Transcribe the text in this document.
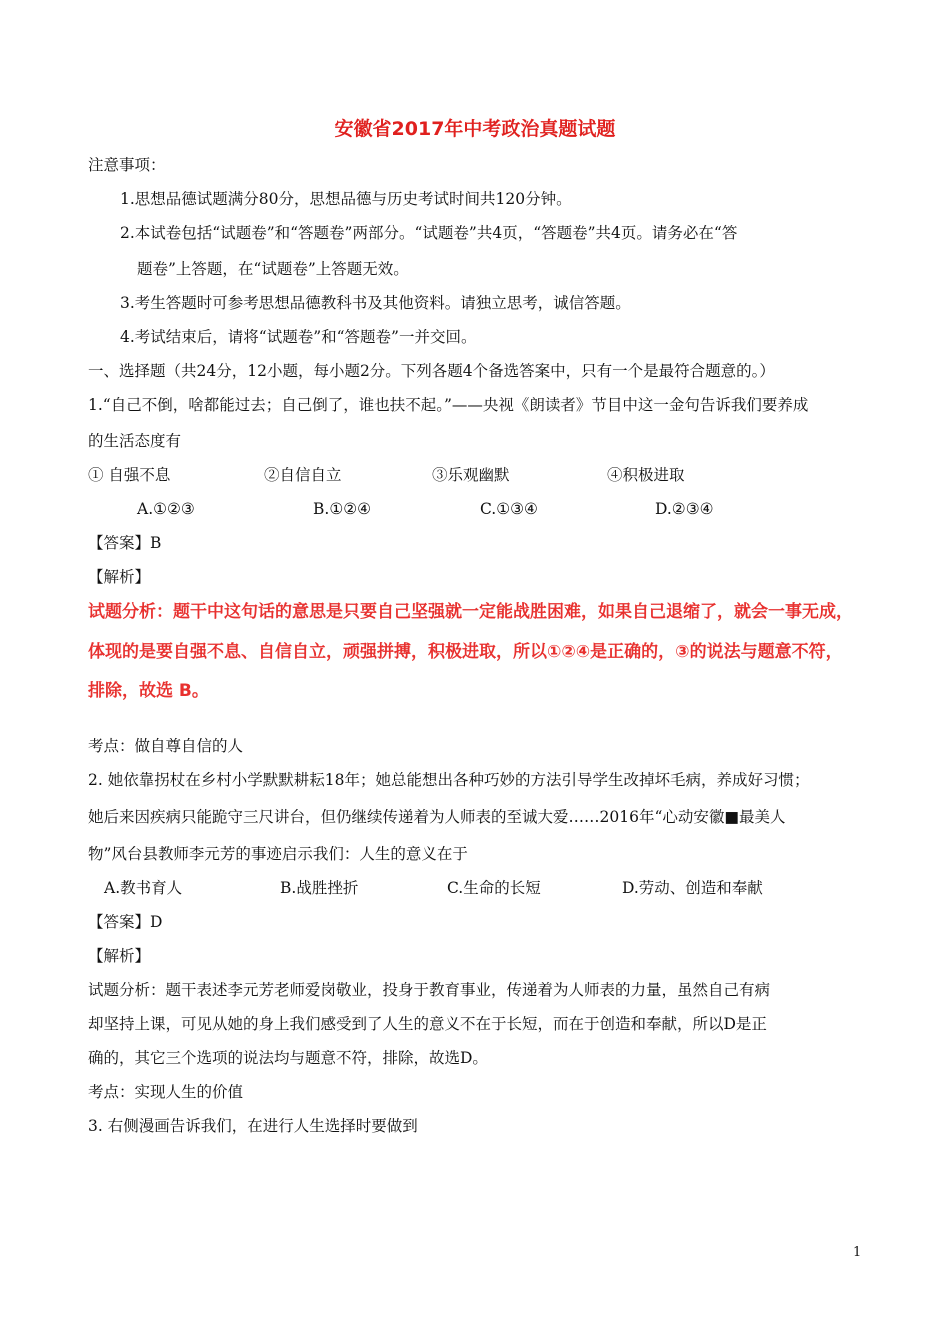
安徽省2017年中考政治真题试题
注意事项：
1.思想品德试题满分80分，思想品德与历史考试时间共120分钟。
2.本试卷包括“试题卷”和“答题卷”两部分。“试题卷”共4页，“答题卷”共4页。请务必在“答
题卷”上答题，在“试题卷”上答题无效。
3.考生答题时可参考思想品德教科书及其他资料。请独立思考，诚信答题。
4.考试结束后，请将“试题卷”和“答题卷”一并交回。
一、选择题（共24分，12小题，每小题2分。下列各题4个备选答案中，只有一个是最符合题意的。）
1.“自己不倒，啥都能过去；自己倒了，谁也扶不起。”——央视《朗读者》节目中这一金句告诉我们要养成
的生活态度有
① 自强不息	②自信自立	③乐观幽默	④积极进取
A.①②③	B.①②④	C.①③④	D.②③④
【答案】B
【解析】
试题分析：题干中这句话的意思是只要自己坚强就一定能战胜困难，如果自己退缩了，就会一事无成，
体现的是要自强不息、自信自立，顽强拼搏，积极进取，所以①②④是正确的，③的说法与题意不符，
排除，故选 B。
考点：做自尊自信的人
2. 她依靠拐杖在乡村小学默默耕耘18年；她总能想出各种巧妙的方法引导学生改掉坏毛病，养成好习惯；
她后来因疾病只能跪守三尺讲台，但仍继续传递着为人师表的至诚大爱……2016年“心动安徽■最美人
物”风台县教师李元芳的事迹启示我们：人生的意义在于
A.教书育人	B.战胜挫折	C.生命的长短	D.劳动、创造和奉献
【答案】D
【解析】
试题分析：题干表述李元芳老师爱岗敬业，投身于教育事业，传递着为人师表的力量，虽然自己有病
却坚持上课，可见从她的身上我们感受到了人生的意义不在于长短，而在于创造和奉献，所以D是正
确的，其它三个选项的说法均与题意不符，排除，故选D。
考点：实现人生的价值
3. 右侧漫画告诉我们，在进行人生选择时要做到
1
